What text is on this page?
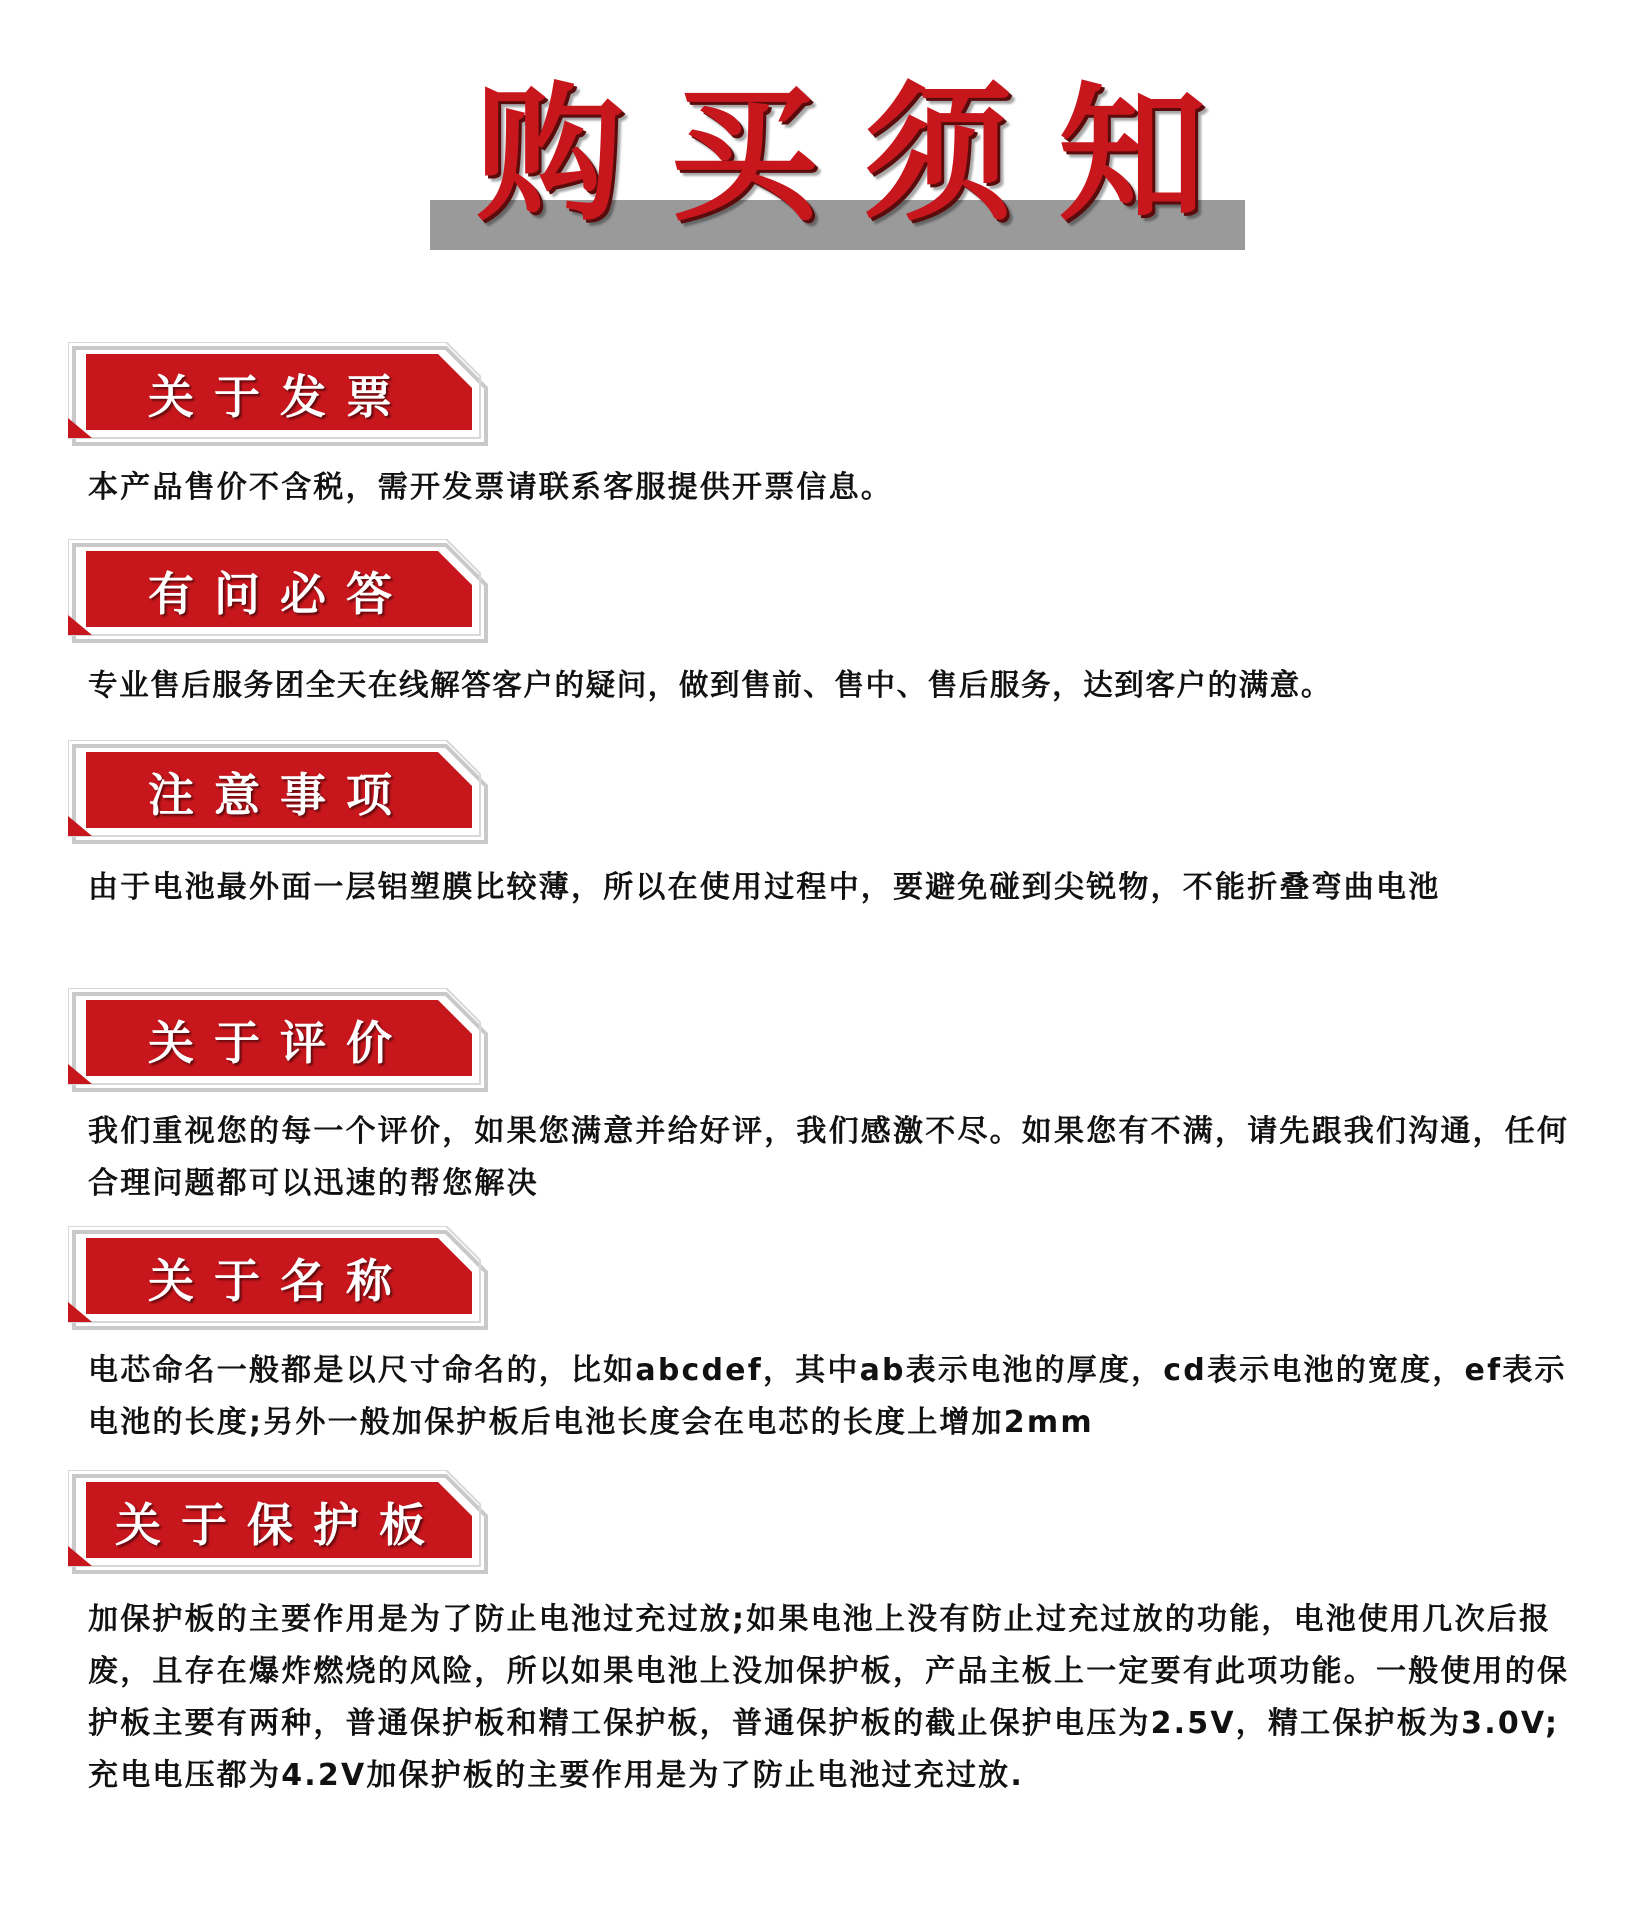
购买须知
关于发票

本产品售价不含税，需开发票请联系客服提供开票信息。

有问必答

专业售后服务团全天在线解答客户的疑问，做到售前、售中、售后服务，达到客户的满意。

注意事项

由于电池最外面一层铝塑膜比较薄，所以在使用过程中，要避免碰到尖锐物，不能折叠弯曲电池

关于评价

我们重视您的每一个评价，如果您满意并给好评，我们感激不尽。如果您有不满，请先跟我们沟通，任何合理问题都可以迅速的帮您解决

关于名称

电芯命名一般都是以尺寸命名的，比如abcdef，其中ab表示电池的厚度，cd表示电池的宽度，ef表示电池的长度;另外一般加保护板后电池长度会在电芯的长度上增加2mm

关于保护板

加保护板的主要作用是为了防止电池过充过放;如果电池上没有防止过充过放的功能，电池使用几次后报废，且存在爆炸燃烧的风险，所以如果电池上没加保护板，产品主板上一定要有此项功能。一般使用的保护板主要有两种，普通保护板和精工保护板，普通保护板的截止保护电压为2.5V，精工保护板为3.0V;充电电压都为4.2V加保护板的主要作用是为了防止电池过充过放.
